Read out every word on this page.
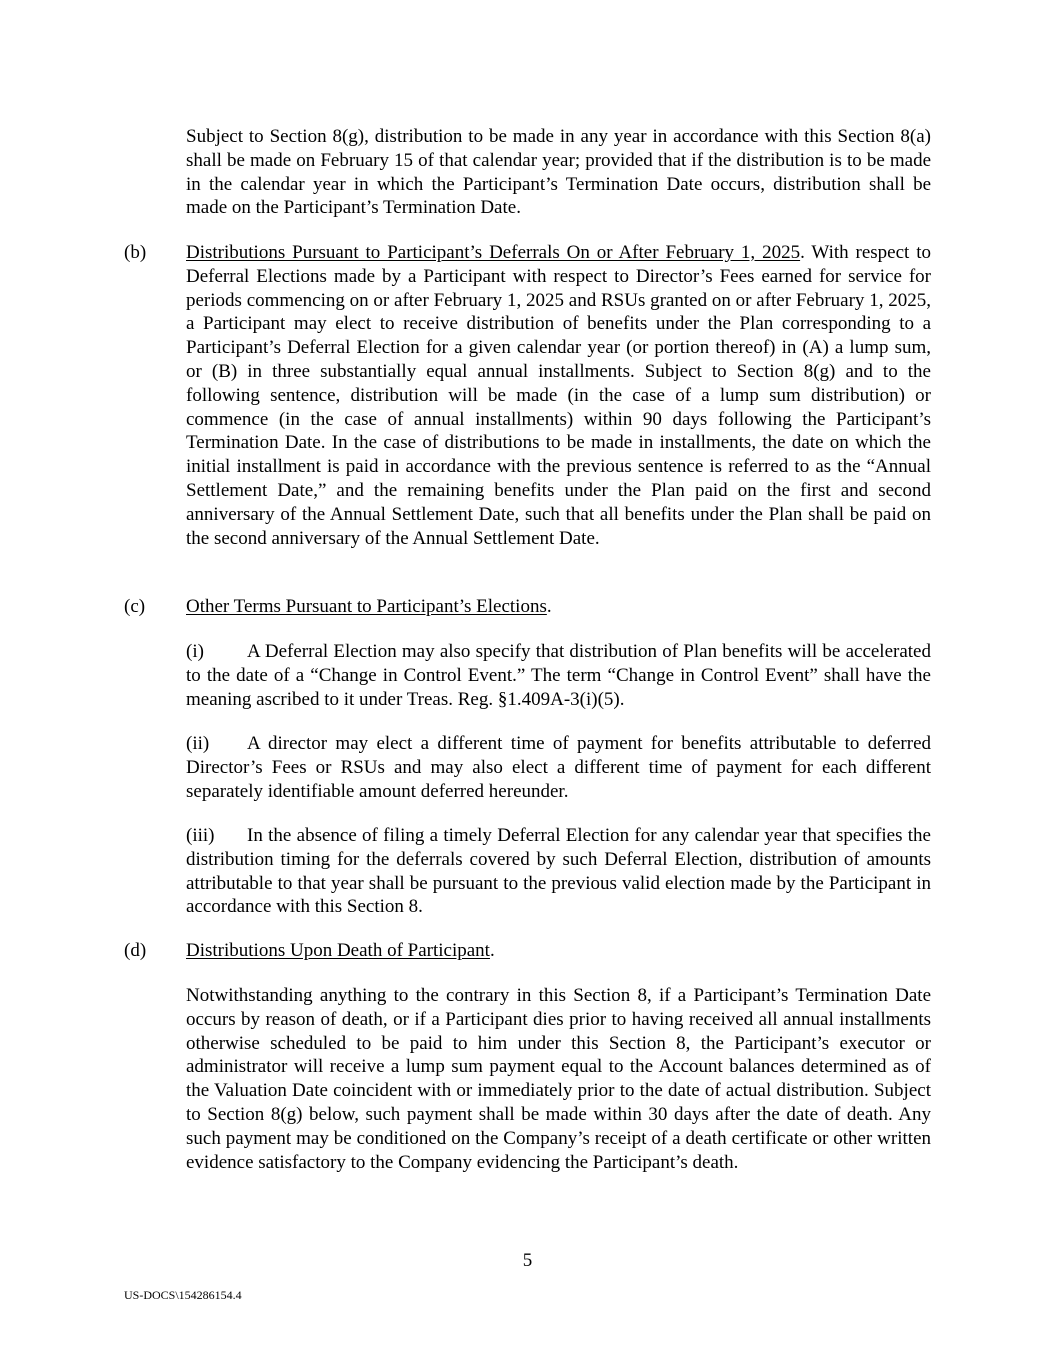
Subject to Section 8(g), distribution to be made in any year in accordance with this Section 8(a) shall be made on February 15 of that calendar year; provided that if the distribution is to be made in the calendar year in which the Participant’s Termination Date occurs, distribution shall be made on the Participant’s Termination Date.

(b) Distributions Pursuant to Participant’s Deferrals On or After February 1, 2025. With respect to Deferral Elections made by a Participant with respect to Director’s Fees earned for service for periods commencing on or after February 1, 2025 and RSUs granted on or after February 1, 2025, a Participant may elect to receive distribution of benefits under the Plan corresponding to a Participant’s Deferral Election for a given calendar year (or portion thereof) in (A) a lump sum, or (B) in three substantially equal annual installments. Subject to Section 8(g) and to the following sentence, distribution will be made (in the case of a lump sum distribution) or commence (in the case of annual installments) within 90 days following the Participant’s Termination Date. In the case of distributions to be made in installments, the date on which the initial installment is paid in accordance with the previous sentence is referred to as the “Annual Settlement Date,” and the remaining benefits under the Plan paid on the first and second anniversary of the Annual Settlement Date, such that all benefits under the Plan shall be paid on the second anniversary of the Annual Settlement Date.

(c) Other Terms Pursuant to Participant’s Elections.

(i) A Deferral Election may also specify that distribution of Plan benefits will be accelerated to the date of a “Change in Control Event.” The term “Change in Control Event” shall have the meaning ascribed to it under Treas. Reg. §1.409A-3(i)(5).

(ii) A director may elect a different time of payment for benefits attributable to deferred Director’s Fees or RSUs and may also elect a different time of payment for each different separately identifiable amount deferred hereunder.

(iii) In the absence of filing a timely Deferral Election for any calendar year that specifies the distribution timing for the deferrals covered by such Deferral Election, distribution of amounts attributable to that year shall be pursuant to the previous valid election made by the Participant in accordance with this Section 8.

(d) Distributions Upon Death of Participant.

Notwithstanding anything to the contrary in this Section 8, if a Participant’s Termination Date occurs by reason of death, or if a Participant dies prior to having received all annual installments otherwise scheduled to be paid to him under this Section 8, the Participant’s executor or administrator will receive a lump sum payment equal to the Account balances determined as of the Valuation Date coincident with or immediately prior to the date of actual distribution. Subject to Section 8(g) below, such payment shall be made within 30 days after the date of death. Any such payment may be conditioned on the Company’s receipt of a death certificate or other written evidence satisfactory to the Company evidencing the Participant’s death.

5

US-DOCS\154286154.4
